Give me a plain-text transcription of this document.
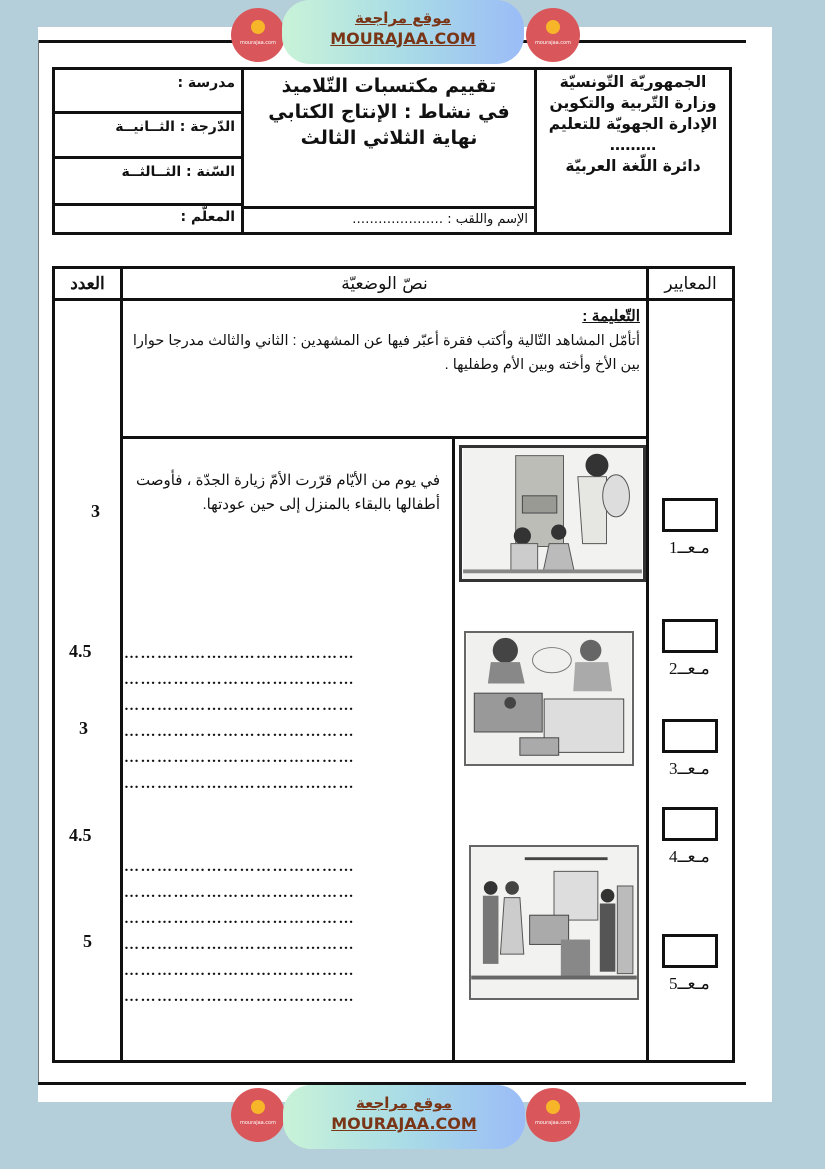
mourajaa.com
موقع مراجعة
MOURAJAA.COM	mourajaa.com
الجمهوريّة التّونسيّة
وزارة التّربية والتكوين
الإدارة الجهويّة للتعليم
………
دائرة اللّغة العربيّة
تقييم مكتسبات التّلاميذ
في نشاط : الإنتاج الكتابي
نهاية الثلاثي الثالث
الإسم واللقب : …………………
مدرسة :
الدّرجة : الثــانيــة
السّنة : الثــالثــة
المعلّم :
المعايير
نصّ الوضعيّة
العدد
التّعليمة :
أتأمّل المشاهد التّالية وأكتب فقرة أعبّر فيها عن المشهدين : الثاني والثالث مدرجا حوارا بين الأخ وأخته وبين الأم وطفليها .
في يوم من الأيّام قرّرت الأمّ زيارة الجدّة ، فأوصت أطفالها بالبقاء بالمنزل إلى حين عودتها.
……………………………………
……………………………………
……………………………………
……………………………………
……………………………………
……………………………………
……………………………………
……………………………………
……………………………………
……………………………………
……………………………………
……………………………………
3
4.5
3
4.5
5
مـعــ1
مـعــ2
مـعــ3
مـعــ4
مـعــ5
mourajaa.com
موقع مراجعة
MOURAJAA.COM	mourajaa.com
